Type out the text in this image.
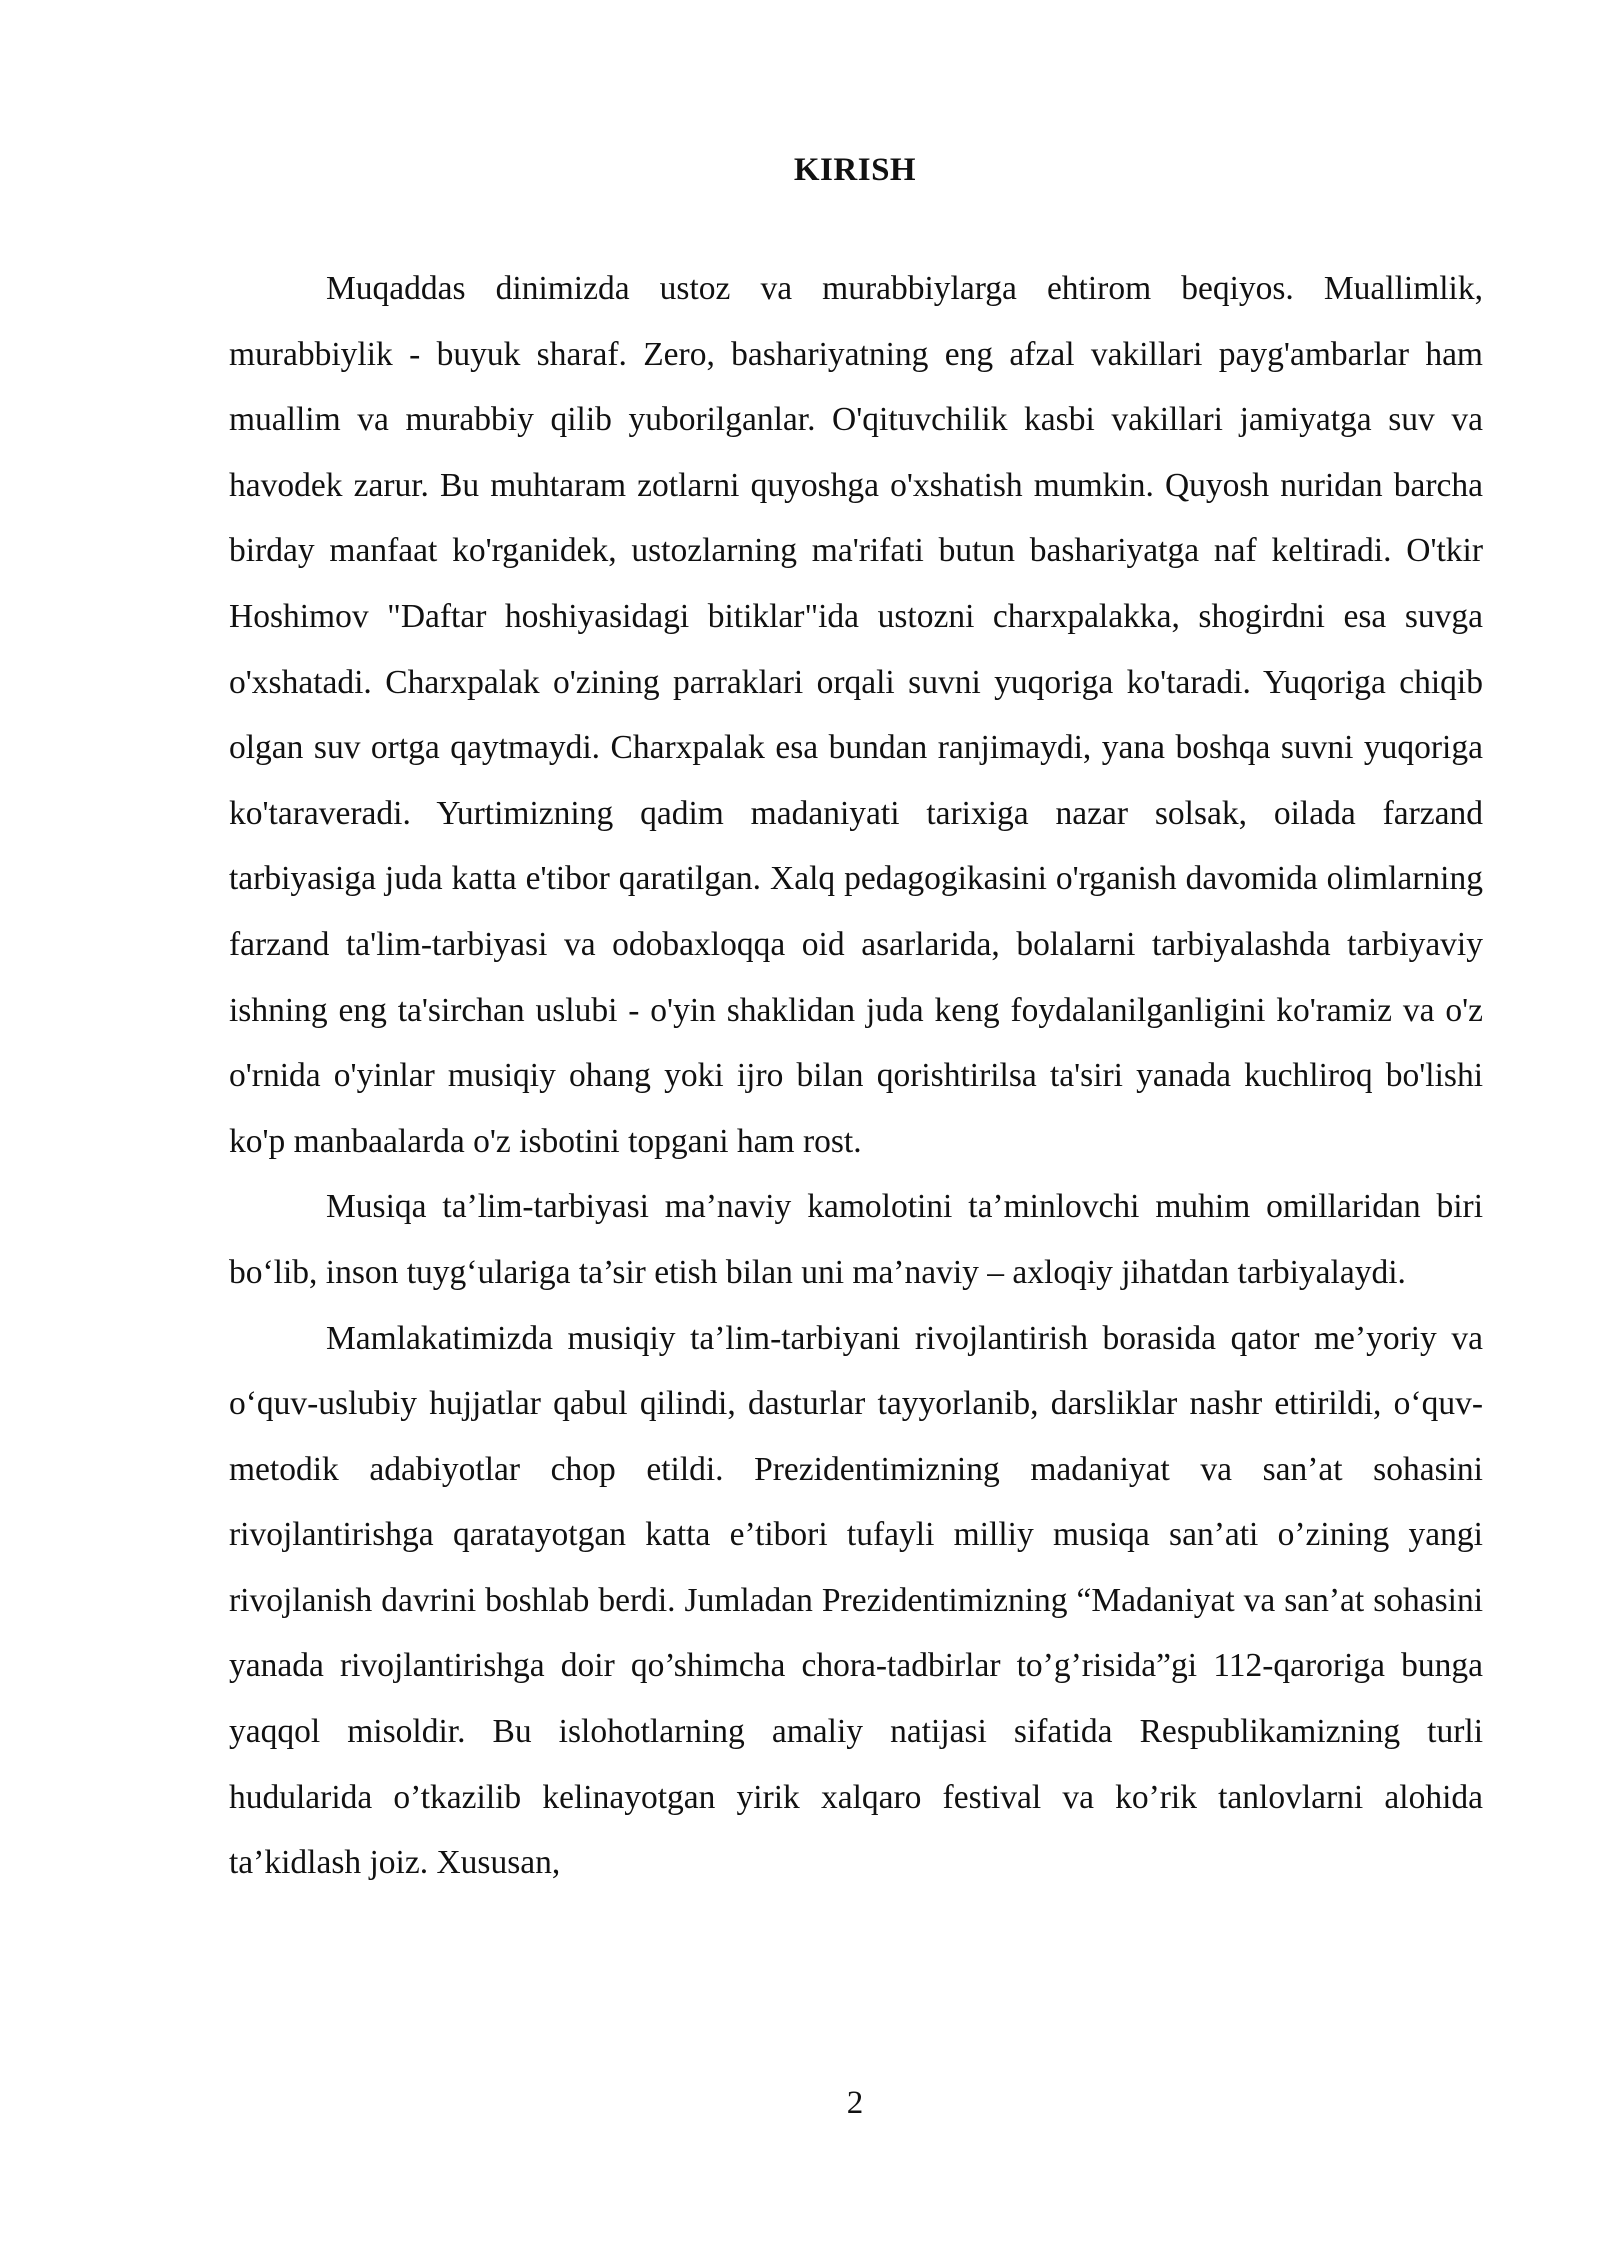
KIRISH

Muqaddas dinimizda ustoz va murabbiylarga ehtirom beqiyos. Muallimlik, murabbiylik - buyuk sharaf. Zero, bashariyatning eng afzal vakillari payg'ambarlar ham muallim va murabbiy qilib yuborilganlar. O'qituvchilik kasbi vakillari jamiyatga suv va havodek zarur. Bu muhtaram zotlarni quyoshga o'xshatish mumkin. Quyosh nuridan barcha birday manfaat ko'rganidek, ustozlarning ma'rifati butun bashariyatga naf keltiradi. O'tkir Hoshimov "Daftar hoshiyasidagi bitiklar"ida ustozni charxpalakka, shogirdni esa suvga o'xshatadi. Charxpalak o'zining parraklari orqali suvni yuqoriga ko'taradi. Yuqoriga chiqib olgan suv ortga qaytmaydi. Charxpalak esa bundan ranjimaydi, yana boshqa suvni yuqoriga ko'taraveradi. Yurtimizning qadim madaniyati tarixiga nazar solsak, oilada farzand tarbiyasiga juda katta e'tibor qaratilgan. Xalq pedagogikasini o'rganish davomida olimlarning farzand ta'lim-tarbiyasi va odobaxloqqa oid asarlarida, bolalarni tarbiyalashda tarbiyaviy ishning eng ta'sirchan uslubi - o'yin shaklidan juda keng foydalanilganligini ko'ramiz va o'z o'rnida o'yinlar musiqiy ohang yoki ijro bilan qorishtirilsa ta'siri yanada kuchliroq bo'lishi ko'p manbaalarda o'z isbotini topgani ham rost.

Musiqa ta’lim-tarbiyasi ma’naviy kamolotini ta’minlovchi muhim omillaridan biri bo‘lib, inson tuyg‘ulariga ta’sir etish bilan uni ma’naviy – axloqiy jihatdan tarbiyalaydi.

Mamlakatimizda musiqiy ta’lim-tarbiyani rivojlantirish borasida qator me’yoriy va o‘quv-uslubiy hujjatlar qabul qilindi, dasturlar tayyorlanib, darsliklar nashr ettirildi, o‘quv-metodik adabiyotlar chop etildi. Prezidentimizning madaniyat va san’at sohasini rivojlantirishga qaratayotgan katta e’tibori tufayli milliy musiqa san’ati o’zining yangi rivojlanish davrini boshlab berdi. Jumladan Prezidentimizning “Madaniyat va san’at sohasini yanada rivojlantirishga doir qo’shimcha chora-tadbirlar to’g’risida”gi 112-qaroriga bunga yaqqol misoldir. Bu islohotlarning amaliy natijasi sifatida Respublikamizning turli hudularida o’tkazilib kelinayotgan yirik xalqaro festival va ko’rik tanlovlarni alohida ta’kidlash joiz. Xususan,

2
